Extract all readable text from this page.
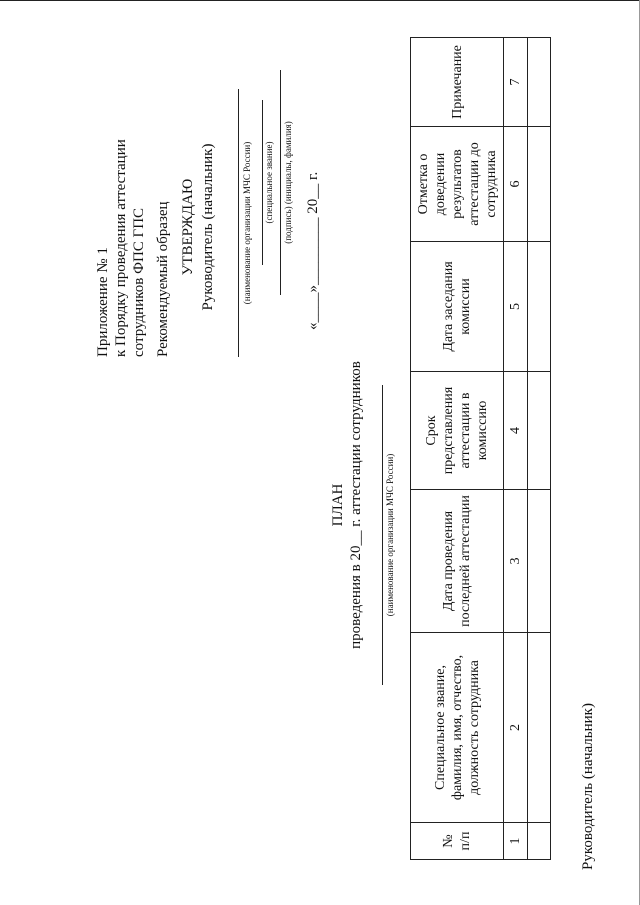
Приложение № 1 к Порядку проведения аттестации сотрудников ФПС ГПС Рекомендуемый образец УТВЕРЖДАЮ Руководитель (начальник)	(наименование организации МЧС России) (специальное звание) (подпись) (инициалы, фамилия) «____»_________ 20__ г.
ПЛАН проведения в 20__ г. аттестации сотрудников (наименование организации МЧС России)
№ п/п	Специальное звание, фамилия, имя, отчество, должность сотрудника	Дата проведения последней аттестации	Срок представления аттестации в комиссию	Дата заседания комиссии	Отметка о доведении результатов аттестации до сотрудника	Примечание
1	2	3	4	5	6	7

Руководитель (начальник)
